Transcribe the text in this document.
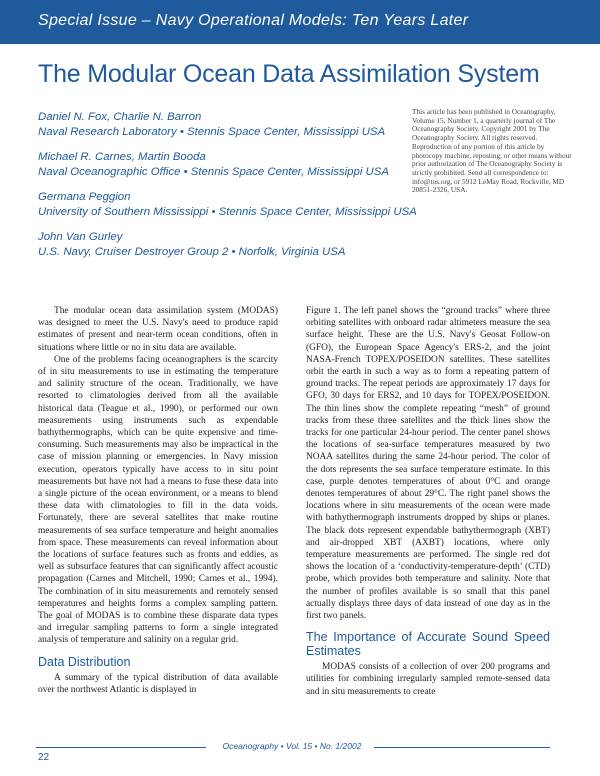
Special Issue – Navy Operational Models: Ten Years Later
The Modular Ocean Data Assimilation System
Daniel N. Fox, Charlie N. Barron
Naval Research Laboratory • Stennis Space Center, Mississippi USA
Michael R. Carnes, Martin Booda
Naval Oceanographic Office • Stennis Space Center, Mississippi USA
Germana Peggion
University of Southern Mississippi • Stennis Space Center, Mississippi USA
John Van Gurley
U.S. Navy, Cruiser Destroyer Group 2 • Norfolk, Virginia USA
This article has been published in Oceanography, Volume 15, Number 1, a quarterly journal of The Oceanography Society. Copyright 2001 by The Oceanography Society. All rights reserved. Reproduction of any portion of this article by photocopy machine, reposting, or other means without prior authorization of The Oceanography Society is strictly prohibited. Send all correspondence to: info@tos.org, or 5912 LeMay Road, Rockville, MD 20851-2326, USA.

The modular ocean data assimilation system (MODAS) was designed to meet the U.S. Navy's need to produce rapid estimates of present and near-term ocean conditions, often in situations where little or no in situ data are available.

One of the problems facing oceanographers is the scarcity of in situ measurements to use in estimating the temperature and salinity structure of the ocean. Traditionally, we have resorted to climatologies derived from all the available historical data (Teague et al., 1990), or performed our own measurements using instruments such as expendable bathythermographs, which can be quite expensive and time-consuming. Such measurements may also be impractical in the case of mission planning or emergencies. In Navy mission execution, operators typically have access to in situ point measurements but have not had a means to fuse these data into a single picture of the ocean environment, or a means to blend these data with climatologies to fill in the data voids. Fortunately, there are several satellites that make routine measurements of sea surface temperature and height anomalies from space. These measurements can reveal information about the locations of surface features such as fronts and eddies, as well as subsurface features that can significantly affect acoustic propagation (Carnes and Mitchell, 1990; Carnes et al., 1994). The combination of in situ measurements and remotely sensed temperatures and heights forms a complex sampling pattern. The goal of MODAS is to combine these disparate data types and irregular sampling patterns to form a single integrated analysis of temperature and salinity on a regular grid.

Data Distribution

A summary of the typical distribution of data available over the northwest Atlantic is displayed in

Figure 1. The left panel shows the “ground tracks” where three orbiting satellites with onboard radar altimeters measure the sea surface height. These are the U.S. Navy's Geosat Follow-on (GFO), the European Space Agency's ERS-2, and the joint NASA-French TOPEX/POSEIDON satellites. These satellites orbit the earth in such a way as to form a repeating pattern of ground tracks. The repeat periods are approximately 17 days for GFO, 30 days for ERS2, and 10 days for TOPEX/POSEIDON. The thin lines show the complete repeating “mesh” of ground tracks from these three satellites and the thick lines show the tracks for one particular 24-hour period. The center panel shows the locations of sea-surface temperatures measured by two NOAA satellites during the same 24-hour period. The color of the dots represents the sea surface temperature estimate. In this case, purple denotes temperatures of about 0°C and orange denotes temperatures of about 29°C. The right panel shows the locations where in situ measurements of the ocean were made with bathythermograph instruments dropped by ships or planes. The black dots represent expendable bathythermograph (XBT) and air-dropped XBT (AXBT) locations, where only temperature measurements are performed. The single red dot shows the location of a ‘conductivity-temperature-depth’ (CTD) probe, which provides both temperature and salinity. Note that the number of profiles available is so small that this panel actually displays three days of data instead of one day as in the first two panels.

The Importance of Accurate Sound Speed Estimates

MODAS consists of a collection of over 200 programs and utilities for combining irregularly sampled remote-sensed data and in situ measurements to create

Oceanography • Vol. 15 • No. 1/2002
22
